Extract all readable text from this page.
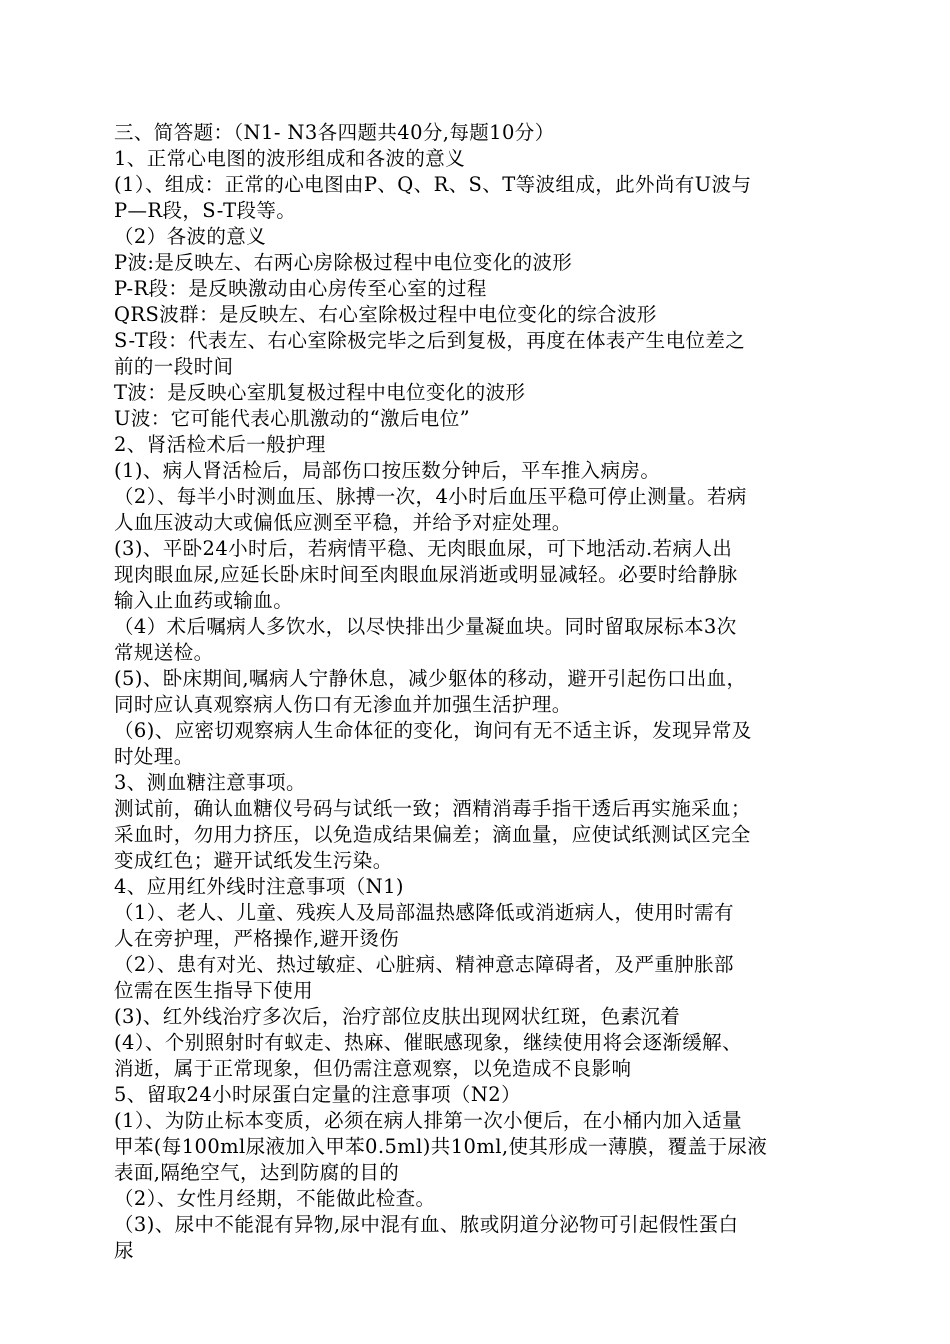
三、简答题：（N1- N3各四题共40分,每题10分）
1、正常心电图的波形组成和各波的意义
(1）、组成：正常的心电图由P、Q、R、S、T等波组成，此外尚有U波与
P—R段，S-T段等。
（2）各波的意义
P波:是反映左、右两心房除极过程中电位变化的波形
P-R段：是反映激动由心房传至心室的过程
QRS波群：是反映左、右心室除极过程中电位变化的综合波形
S-T段：代表左、右心室除极完毕之后到复极，再度在体表产生电位差之
前的一段时间
T波：是反映心室肌复极过程中电位变化的波形
U波：它可能代表心肌激动的“激后电位”
2、肾活检术后一般护理
(1)、病人肾活检后，局部伤口按压数分钟后，平车推入病房。
（2）、每半小时测血压、脉搏一次，4小时后血压平稳可停止测量。若病
人血压波动大或偏低应测至平稳，并给予对症处理。
(3)、平卧24小时后，若病情平稳、无肉眼血尿，可下地活动.若病人出
现肉眼血尿,应延长卧床时间至肉眼血尿消逝或明显减轻。必要时给静脉
输入止血药或输血。
（4）术后嘱病人多饮水，以尽快排出少量凝血块。同时留取尿标本3次
常规送检。
(5)、卧床期间,嘱病人宁静休息，减少躯体的移动，避开引起伤口出血，
同时应认真观察病人伤口有无渗血并加强生活护理。
（6)、应密切观察病人生命体征的变化，询问有无不适主诉，发现异常及
时处理。
3、测血糖注意事项。
测试前，确认血糖仪号码与试纸一致；酒精消毒手指干透后再实施采血；
采血时，勿用力挤压，以免造成结果偏差；滴血量，应使试纸测试区完全
变成红色；避开试纸发生污染。
4、应用红外线时注意事项（N1)
（1）、老人、儿童、残疾人及局部温热感降低或消逝病人，使用时需有
人在旁护理，严格操作,避开烫伤
（2）、患有对光、热过敏症、心脏病、精神意志障碍者，及严重肿胀部
位需在医生指导下使用
(3)、红外线治疗多次后，治疗部位皮肤出现网状红斑，色素沉着
(4）、个别照射时有蚁走、热麻、催眠感现象，继续使用将会逐渐缓解、
消逝，属于正常现象，但仍需注意观察，以免造成不良影响
5、留取24小时尿蛋白定量的注意事项（N2）
(1）、为防止标本变质，必须在病人排第一次小便后，在小桶内加入适量
甲苯(每100ml尿液加入甲苯0.5ml)共10ml,使其形成一薄膜，覆盖于尿液
表面,隔绝空气，达到防腐的目的
（2）、女性月经期，不能做此检查。
（3)、尿中不能混有异物,尿中混有血、脓或阴道分泌物可引起假性蛋白
尿
